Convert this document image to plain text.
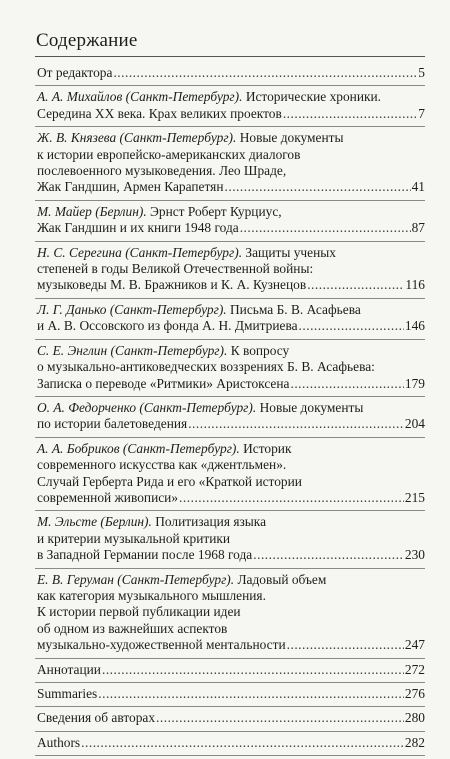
Содержание
От редактора .....	5
А. А. Михайлов (Санкт-Петербург). Исторические хроники.
Середина XX века. Крах великих проектов .....	7
Ж. В. Князева (Санкт-Петербург). Новые документы
к истории европейско-американских диалогов
послевоенного музыковедения. Лео Шраде,
Жак Гандшин, Армен Карапетян .....	41
М. Майер (Берлин). Эрнст Роберт Курциус,
Жак Гандшин и их книги 1948 года .....	87
Н. С. Серегина (Санкт-Петербург). Защиты ученых
степеней в годы Великой Отечественной войны:
музыковеды М. В. Бражников и К. А. Кузнецов .....	116
Л. Г. Данько (Санкт-Петербург). Письма Б. В. Асафьева
и А. В. Оссовского из фонда А. Н. Дмитриева .....	146
С. Е. Энглин (Санкт-Петербург). К вопросу
о музыкально-антиковедческих воззрениях Б. В. Асафьева:
Записка о переводе «Ритмики» Аристоксена .....	179
О. А. Федорченко (Санкт-Петербург). Новые документы
по истории балетоведения .....	204
А. А. Бобриков (Санкт-Петербург). Историк
современного искусства как «джентльмен».
Случай Герберта Рида и его «Краткой истории
современной живописи» .....	215
М. Эльсте (Берлин). Политизация языка
и критерии музыкальной критики
в Западной Германии после 1968 года .....	230
Е. В. Геруман (Санкт-Петербург). Ладовый объем
как категория музыкального мышления.
К истории первой публикации идеи
об одном из важнейших аспектов
музыкально-художественной ментальности .....	247
Аннотации .....	272
Summaries .....	276
Сведения об авторах .....	280
Authors .....	282
